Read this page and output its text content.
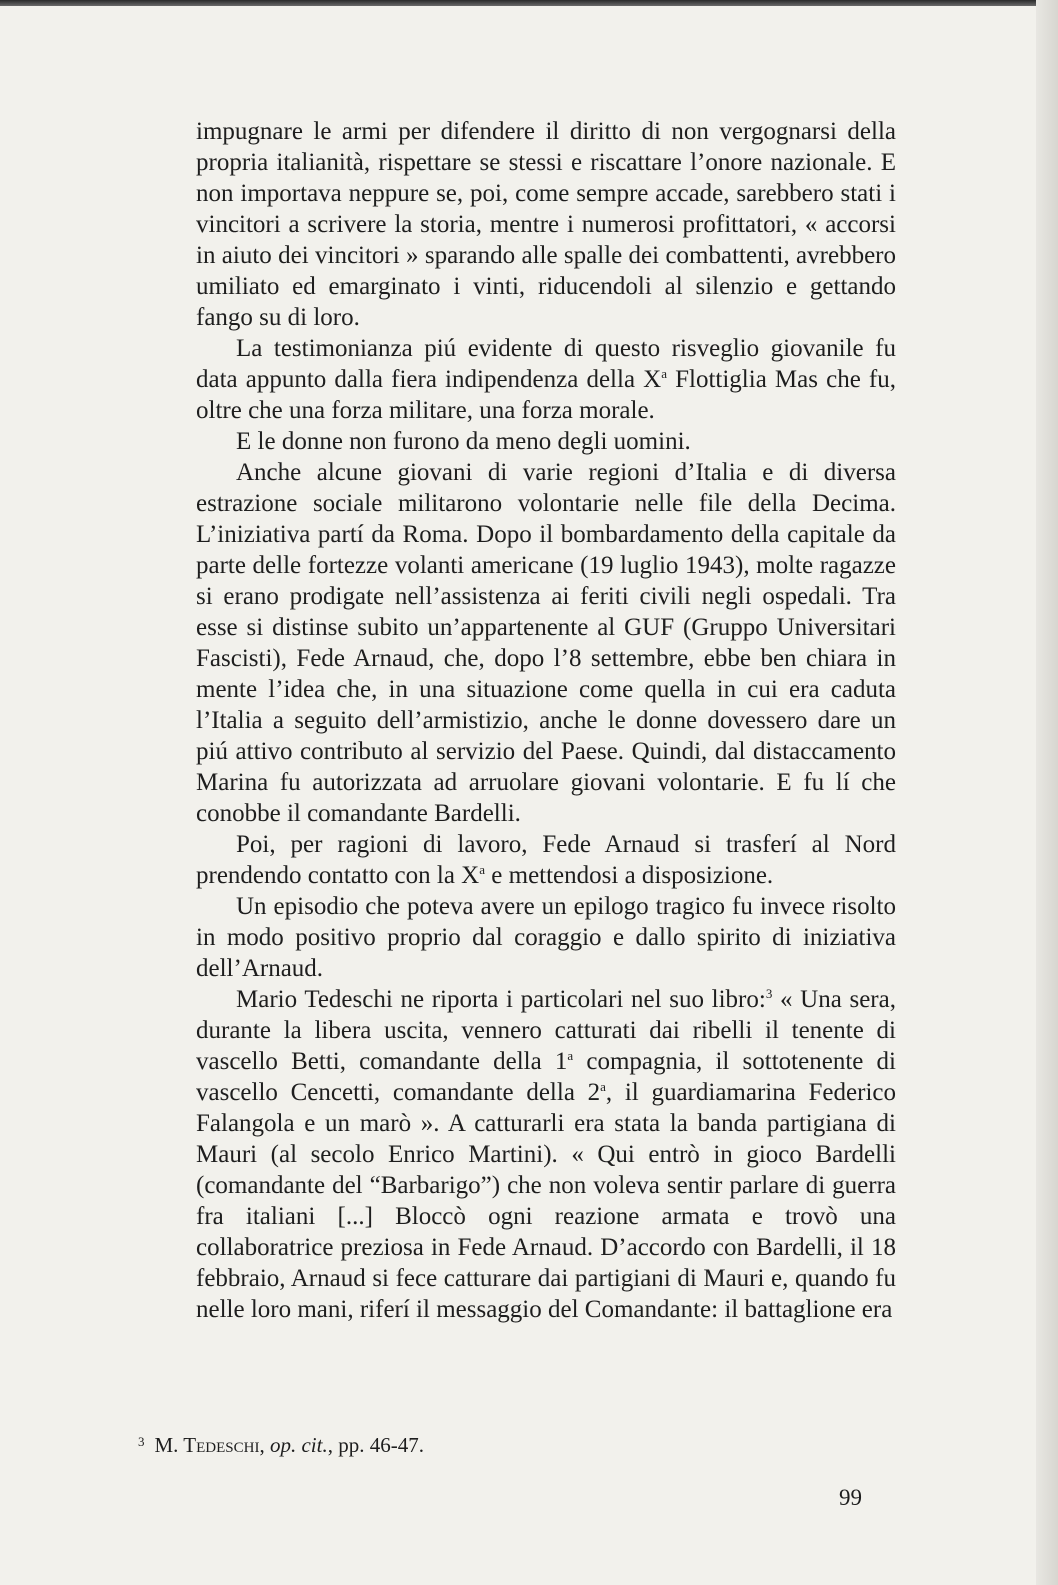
impugnare le armi per difendere il diritto di non vergognarsi della propria italianità, rispettare se stessi e riscattare l’onore nazionale. E non importava neppure se, poi, come sempre accade, sarebbero stati i vincitori a scrivere la storia, mentre i numerosi profittatori, « accorsi in aiuto dei vincitori » sparando alle spalle dei combattenti, avrebbero umiliato ed emarginato i vinti, riducendoli al silenzio e gettando fango su di loro.

La testimonianza piú evidente di questo risveglio giovanile fu data appunto dalla fiera indipendenza della $X^a$ Flottiglia Mas che fu, oltre che una forza militare, una forza morale.

E le donne non furono da meno degli uomini.

Anche alcune giovani di varie regioni d’Italia e di diversa estrazione sociale militarono volontarie nelle file della Decima. L’iniziativa partí da Roma. Dopo il bombardamento della capitale da parte delle fortezze volanti americane (19 luglio 1943), molte ragazze si erano prodigate nell’assistenza ai feriti civili negli ospedali. Tra esse si distinse subito un’appartenente al GUF (Gruppo Universitari Fascisti), Fede Arnaud, che, dopo l’8 settembre, ebbe ben chiara in mente l’idea che, in una situazione come quella in cui era caduta l’Italia a seguito dell’armistizio, anche le donne dovessero dare un piú attivo contributo al servizio del Paese. Quindi, dal distaccamento Marina fu autorizzata ad arruolare giovani volontarie. E fu lí che conobbe il comandante Bardelli.

Poi, per ragioni di lavoro, Fede Arnaud si trasferí al Nord prendendo contatto con la $X^a$ e mettendosi a disposizione.

Un episodio che poteva avere un epilogo tragico fu invece risolto in modo positivo proprio dal coraggio e dallo spirito di iniziativa dell’Arnaud.

Mario Tedeschi ne riporta i particolari nel suo libro:$^3$ « Una sera, durante la libera uscita, vennero catturati dai ribelli il tenente di vascello Betti, comandante della 1$^a$ compagnia, il sottotenente di vascello Cencetti, comandante della 2$^a$, il guardiamarina Federico Falangola e un marò ». A catturarli era stata la banda partigiana di Mauri (al secolo Enrico Martini). « Qui entrò in gioco Bardelli (comandante del “Barbarigo”) che non voleva sentir parlare di guerra fra italiani [...] Bloccò ogni reazione armata e trovò una collaboratrice preziosa in Fede Arnaud. D’accordo con Bardelli, il 18 febbraio, Arnaud si fece catturare dai partigiani di Mauri e, quando fu nelle loro mani, riferí il messaggio del Comandante: il battaglione era

$^3$ M. Tedeschi, op. cit., pp. 46-47.
99
